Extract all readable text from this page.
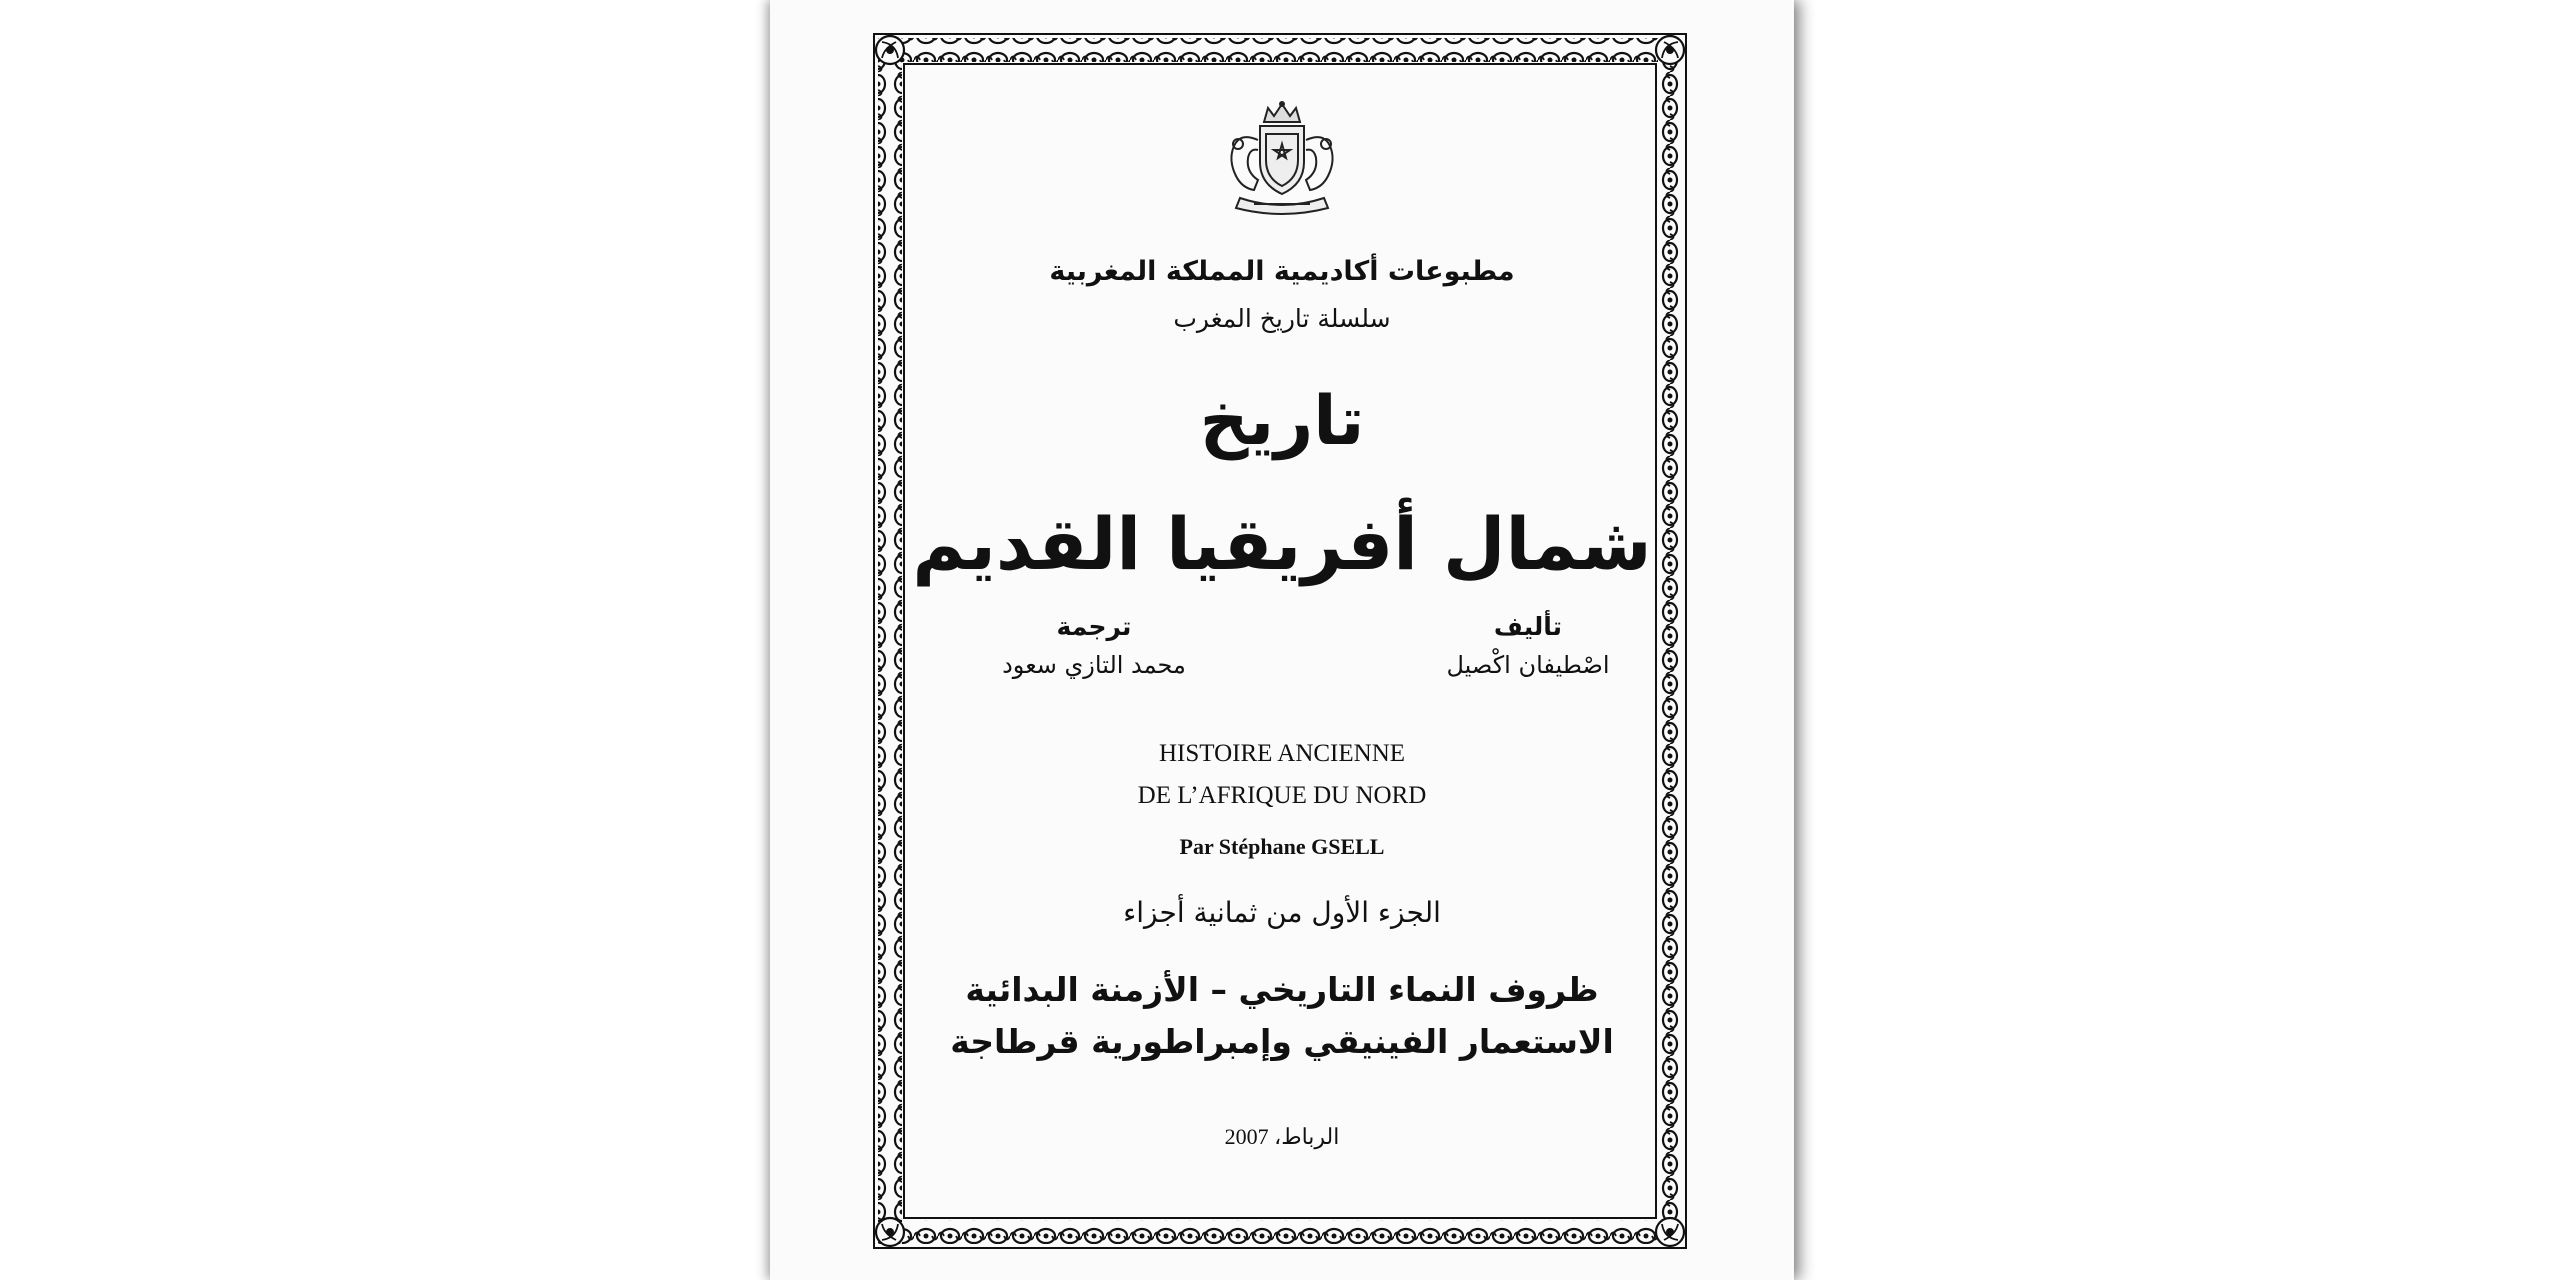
مطبوعات أكاديمية المملكة المغربية
سلسلة تاريخ المغرب
تاريخ
شمال أفريقيا القديم
تأليف
اصْطيفان اكْصيل
ترجمة
محمد التازي سعود
HISTOIRE ANCIENNE
DE L’AFRIQUE DU NORD
Par Stéphane GSELL
الجزء الأول من ثمانية أجزاء
ظروف النماء التاريخي – الأزمنة البدائية
الاستعمار الفينيقي وإمبراطورية قرطاجة
الرباط، 2007
